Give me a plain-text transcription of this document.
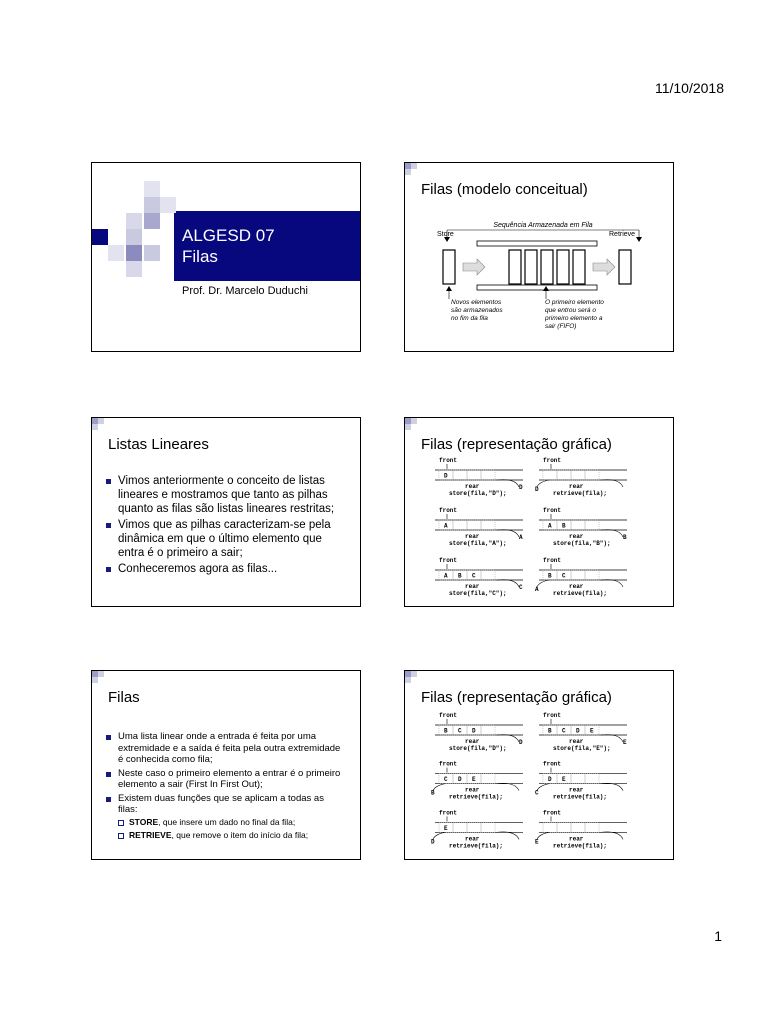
11/10/2018
ALGESD 07
Filas
Prof. Dr. Marcelo Duduchi
Filas (modelo conceitual)
Sequência Armazenada em Fila
Store	Retrieve
Novos elementos
são armazenados
no fim da fila
O primeiro elemento
que entrou será o
primeiro elemento a
sair (FIFO)
Listas Lineares
Vimos anteriormente o conceito de listas lineares e mostramos que tanto as pilhas quanto as filas são listas lineares restritas;
Vimos que as pilhas caracterizam-se pela dinâmica em que o último elemento que entra é o primeiro a sair;
Conheceremos agora as filas...
Filas (representação gráfica)
front
D
rear
store(fila,"D");
D
front
rear
retrieve(fila);
D
front
A
rear
store(fila,"A");
A
front
A B
rear
store(fila,"B");
B
front
A B C
rear
store(fila,"C");
C
front
B C
rear
retrieve(fila);
A
Filas
Uma lista linear onde a entrada é feita por uma extremidade e a saída é feita pela outra extremidade é conhecida como fila;
Neste caso o primeiro elemento a entrar é o primeiro elemento a sair (First In First Out);
Existem duas funções que se aplicam a todas as filas:
STORE, que insere um dado no final da fila;
RETRIEVE, que remove o item do início da fila;
Filas (representação gráfica)
front
B C D
rear
store(fila,"D");
D
front
B C D E
rear
store(fila,"E");
E
front
C D E
rear
retrieve(fila);
B
front
D E
rear
retrieve(fila);
C
front
E
rear
retrieve(fila);
D
front
rear
retrieve(fila);
E
1
